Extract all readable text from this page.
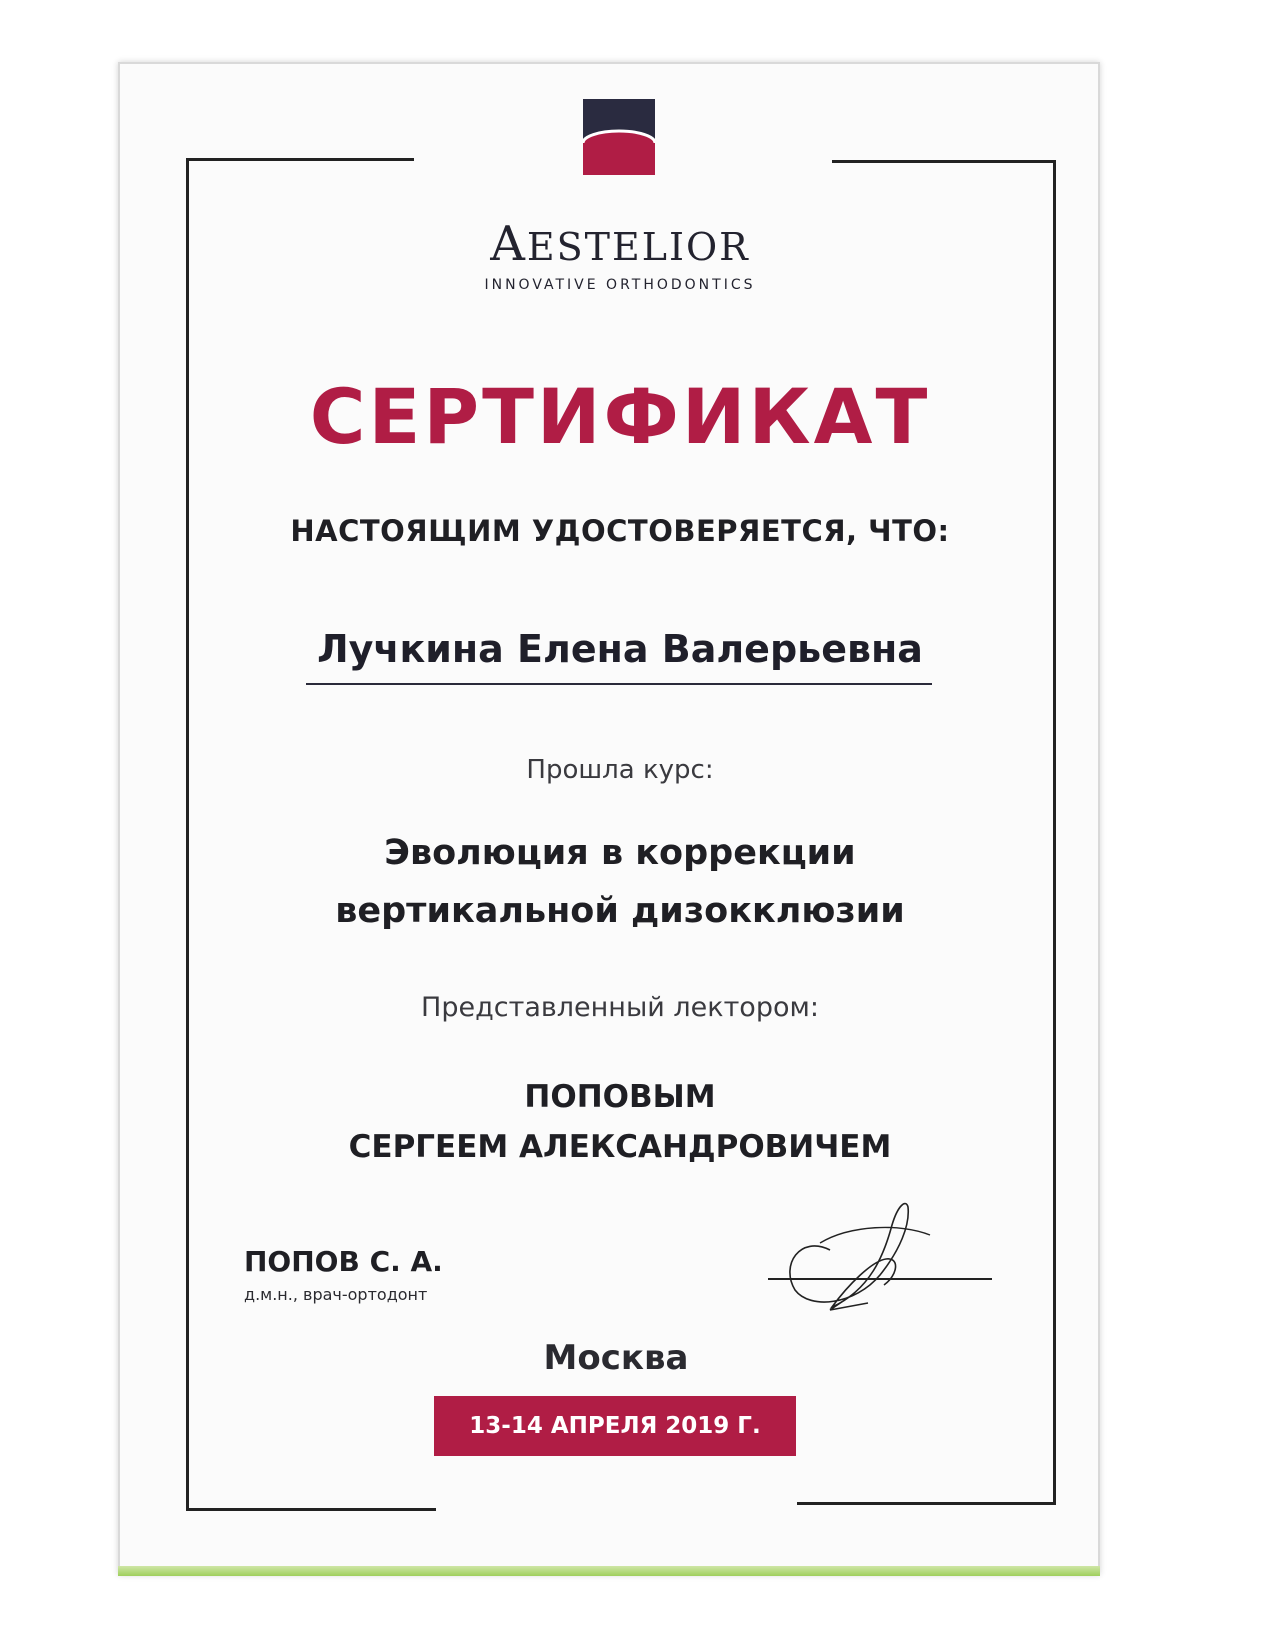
AESTELIOR
INNOVATIVE ORTHODONTICS
СЕРТИФИКАТ
НАСТОЯЩИМ УДОСТОВЕРЯЕТСЯ, ЧТО:
Лучкина Елена Валерьевна
Прошла курс:
Эволюция в коррекции
вертикальной дизокклюзии
Представленный лектором:
ПОПОВЫМ
СЕРГЕЕМ АЛЕКСАНДРОВИЧЕМ
ПОПОВ С. А.
д.м.н., врач-ортодонт
Москва
13-14 АПРЕЛЯ 2019 Г.
